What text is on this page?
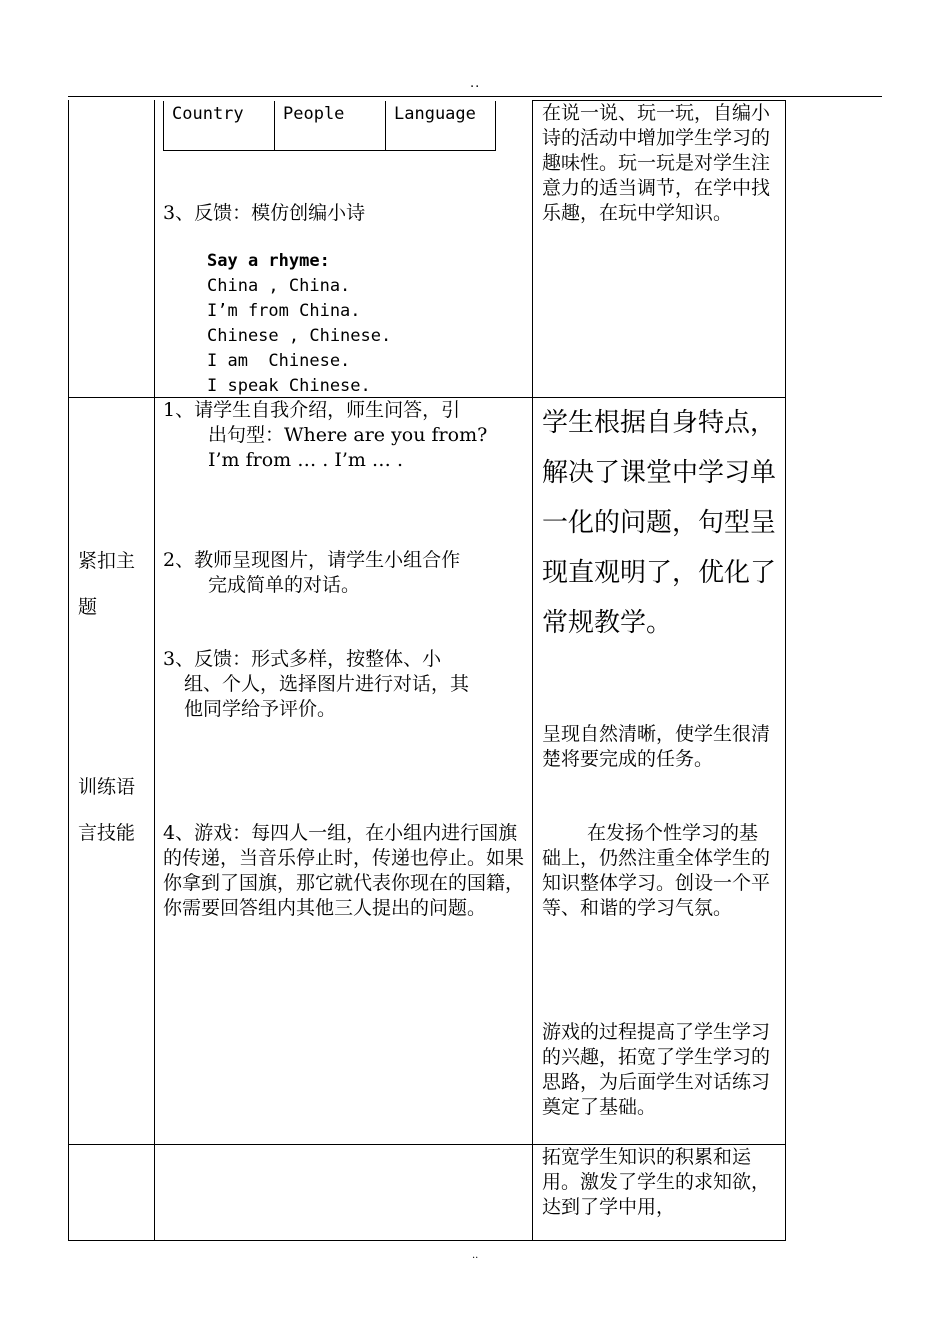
..
..
Country	People	Language
3、反馈：模仿创编小诗
Say a rhyme:
China , China.
I’m from China.
Chinese , Chinese.
I am  Chinese.
I speak Chinese.
在说一说、玩一玩，自编小诗的活动中增加学生学习的趣味性。玩一玩是对学生注意力的适当调节，在学中找乐趣，在玩中学知识。
紧扣主题
训练语言技能
1、请学生自我介绍，师生问答，引
出句型：Where are you from?
I’m from … . I’m … .
2、教师呈现图片，请学生小组合作
完成简单的对话。
3、反馈：形式多样，按整体、小
组、个人，选择图片进行对话，其
他同学给予评价。
4、游戏：每四人一组，在小组内进行国旗的传递，当音乐停止时，传递也停止。如果你拿到了国旗，那它就代表你现在的国籍，你需要回答组内其他三人提出的问题。
学生根据自身特点，解决了课堂中学习单一化的问题，句型呈现直观明了，优化了常规教学。
呈现自然清晰，使学生很清楚将要完成的任务。
在发扬个性学习的基础上，仍然注重全体学生的知识整体学习。创设一个平等、和谐的学习气氛。
游戏的过程提高了学生学习的兴趣，拓宽了学生学习的思路，为后面学生对话练习奠定了基础。
拓宽学生知识的积累和运用。激发了学生的求知欲，达到了学中用，
